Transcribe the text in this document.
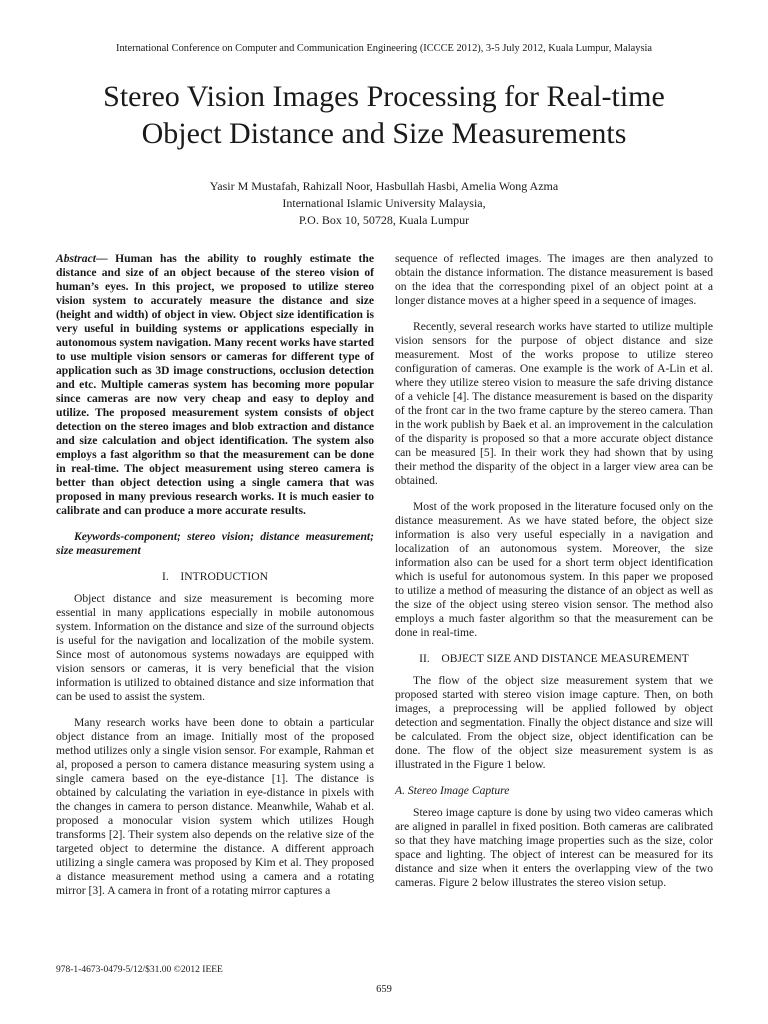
International Conference on Computer and Communication Engineering (ICCCE 2012), 3-5 July 2012, Kuala Lumpur, Malaysia
Stereo Vision Images Processing for Real-time
Object Distance and Size Measurements
Yasir M Mustafah, Rahizall Noor, Hasbullah Hasbi, Amelia Wong Azma
International Islamic University Malaysia,
P.O. Box 10, 50728, Kuala Lumpur

Abstract— Human has the ability to roughly estimate the distance and size of an object because of the stereo vision of human’s eyes. In this project, we proposed to utilize stereo vision system to accurately measure the distance and size (height and width) of object in view. Object size identification is very useful in building systems or applications especially in autonomous system navigation. Many recent works have started to use multiple vision sensors or cameras for different type of application such as 3D image constructions, occlusion detection and etc. Multiple cameras system has becoming more popular since cameras are now very cheap and easy to deploy and utilize. The proposed measurement system consists of object detection on the stereo images and blob extraction and distance and size calculation and object identification. The system also employs a fast algorithm so that the measurement can be done in real-time. The object measurement using stereo camera is better than object detection using a single camera that was proposed in many previous research works. It is much easier to calibrate and can produce a more accurate results.

Keywords-component; stereo vision; distance measurement; size measurement

I. INTRODUCTION

Object distance and size measurement is becoming more essential in many applications especially in mobile autonomous system. Information on the distance and size of the surround objects is useful for the navigation and localization of the mobile system. Since most of autonomous systems nowadays are equipped with vision sensors or cameras, it is very beneficial that the vision information is utilized to obtained distance and size information that can be used to assist the system.

Many research works have been done to obtain a particular object distance from an image. Initially most of the proposed method utilizes only a single vision sensor. For example, Rahman et al, proposed a person to camera distance measuring system using a single camera based on the eye-distance [1]. The distance is obtained by calculating the variation in eye-distance in pixels with the changes in camera to person distance. Meanwhile, Wahab et al. proposed a monocular vision system which utilizes Hough transforms [2]. Their system also depends on the relative size of the targeted object to determine the distance. A different approach utilizing a single camera was proposed by Kim et al. They proposed a distance measurement method using a camera and a rotating mirror [3]. A camera in front of a rotating mirror captures a

sequence of reflected images. The images are then analyzed to obtain the distance information. The distance measurement is based on the idea that the corresponding pixel of an object point at a longer distance moves at a higher speed in a sequence of images.

Recently, several research works have started to utilize multiple vision sensors for the purpose of object distance and size measurement. Most of the works propose to utilize stereo configuration of cameras. One example is the work of A-Lin et al. where they utilize stereo vision to measure the safe driving distance of a vehicle [4]. The distance measurement is based on the disparity of the front car in the two frame capture by the stereo camera. Than in the work publish by Baek et al. an improvement in the calculation of the disparity is proposed so that a more accurate object distance can be measured [5]. In their work they had shown that by using their method the disparity of the object in a larger view area can be obtained.

Most of the work proposed in the literature focused only on the distance measurement. As we have stated before, the object size information is also very useful especially in a navigation and localization of an autonomous system. Moreover, the size information also can be used for a short term object identification which is useful for autonomous system. In this paper we proposed to utilize a method of measuring the distance of an object as well as the size of the object using stereo vision sensor. The method also employs a much faster algorithm so that the measurement can be done in real-time.

II. OBJECT SIZE AND DISTANCE MEASUREMENT

The flow of the object size measurement system that we proposed started with stereo vision image capture. Then, on both images, a preprocessing will be applied followed by object detection and segmentation. Finally the object distance and size will be calculated. From the object size, object identification can be done. The flow of the object size measurement system is as illustrated in the Figure 1 below.

A. Stereo Image Capture

Stereo image capture is done by using two video cameras which are aligned in parallel in fixed position. Both cameras are calibrated so that they have matching image properties such as the size, color space and lighting. The object of interest can be measured for its distance and size when it enters the overlapping view of the two cameras. Figure 2 below illustrates the stereo vision setup.

978-1-4673-0479-5/12/$31.00 ©2012 IEEE
659
